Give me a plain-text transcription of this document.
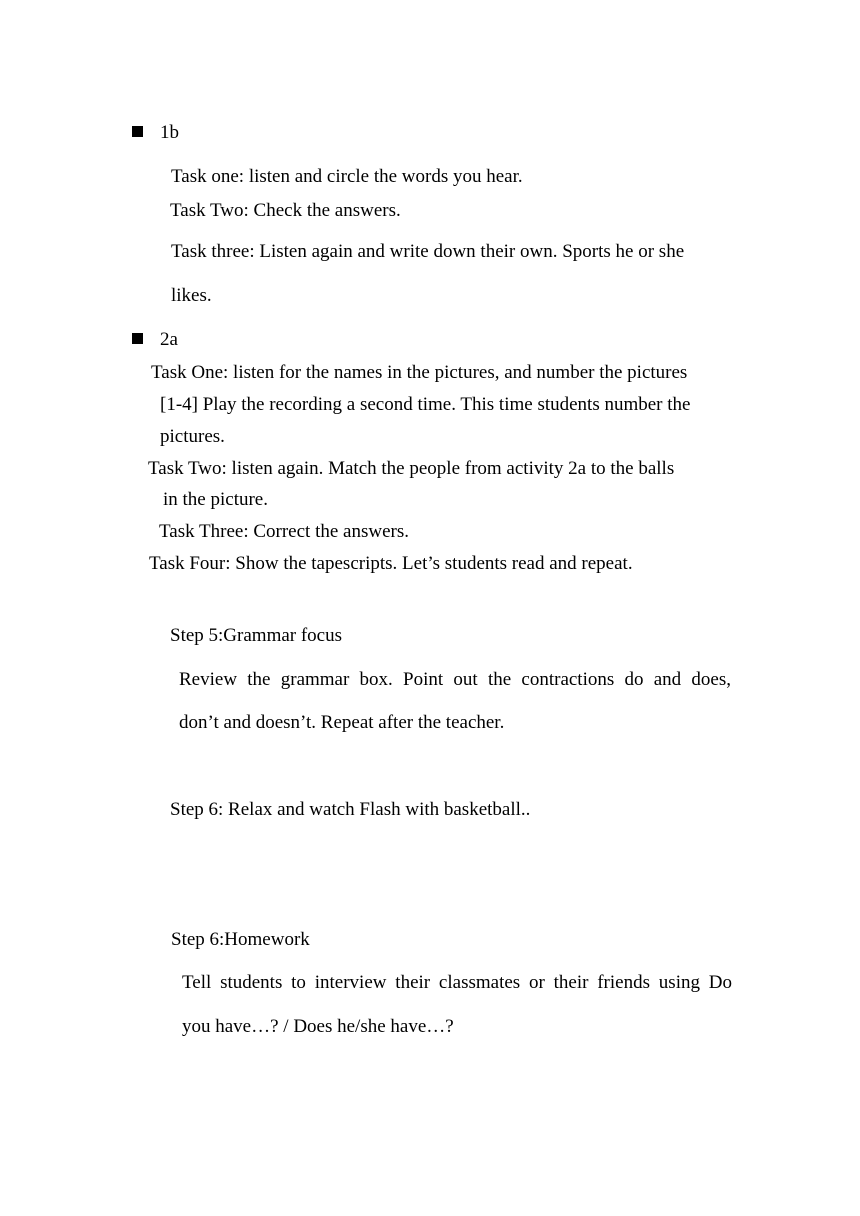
1b
Task one: listen and circle the words you hear.
Task Two: Check the answers.
Task three: Listen again and write down their own. Sports he or she
likes.
2a
Task One: listen for the names in the pictures, and number the pictures
[1-4] Play the recording a second time. This time students number the
pictures.
Task Two: listen again. Match the people from activity 2a to the balls
in the picture.
Task Three: Correct the answers.
Task Four: Show the tapescripts. Let’s students read and repeat.
Step 5:Grammar focus
Review the grammar box. Point out the contractions do and does,
don’t and doesn’t. Repeat after the teacher.
Step 6: Relax and watch Flash with basketball..
Step 6:Homework
Tell students to interview their classmates or their friends using Do
you have…? / Does he/she have…?
